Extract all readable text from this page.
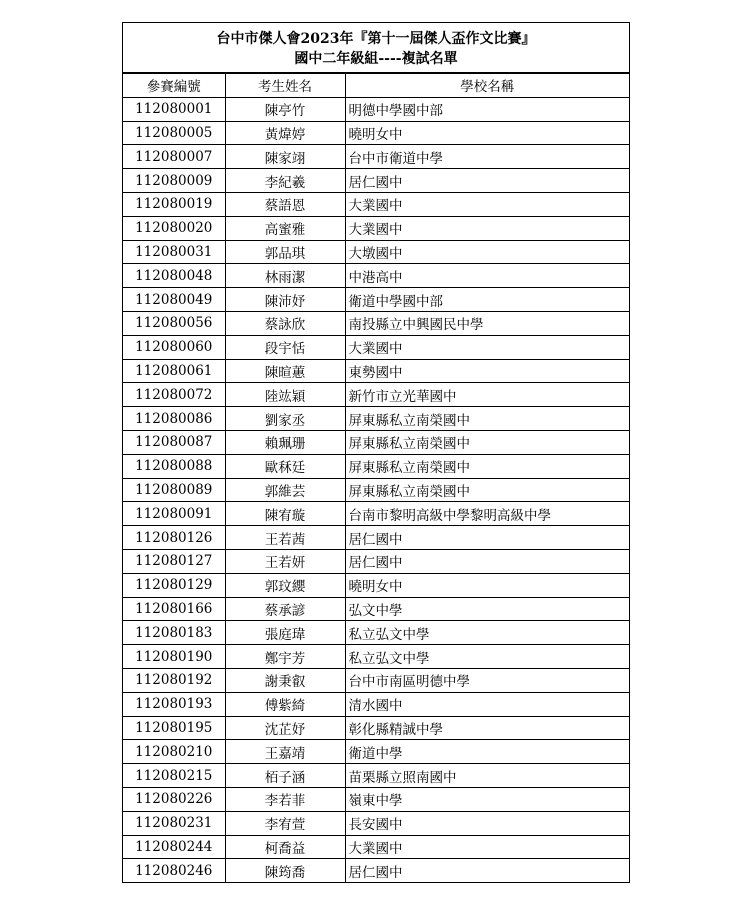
台中市傑人會2023年『第十一屆傑人盃作文比賽』
國中二年級組----複試名單
參賽編號	考生姓名	學校名稱
112080001	陳亭竹	明德中學國中部
112080005	黃煒婷	曉明女中
112080007	陳家翊	台中市衛道中學
112080009	李紀羲	居仁國中
112080019	蔡語恩	大業國中
112080020	高蜜雅	大業國中
112080031	郭品琪	大墩國中
112080048	林雨潔	中港高中
112080049	陳沛妤	衛道中學國中部
112080056	蔡詠欣	南投縣立中興國民中學
112080060	段宇恬	大業國中
112080061	陳暄蕙	東勢國中
112080072	陸竑穎	新竹市立光華國中
112080086	劉家丞	屏東縣私立南榮國中
112080087	賴珮珊	屏東縣私立南榮國中
112080088	歐秝廷	屏東縣私立南榮國中
112080089	郭維芸	屏東縣私立南榮國中
112080091	陳宥璇	台南市黎明高級中學黎明高級中學
112080126	王若茜	居仁國中
112080127	王若妍	居仁國中
112080129	郭玟纓	曉明女中
112080166	蔡承諺	弘文中學
112080183	張庭瑋	私立弘文中學
112080190	鄭宇芳	私立弘文中學
112080192	謝秉叡	台中市南區明德中學
112080193	傅紫綺	清水國中
112080195	沈芷妤	彰化縣精誠中學
112080210	王嘉靖	衛道中學
112080215	栢子涵	苗栗縣立照南國中
112080226	李若菲	嶺東中學
112080231	李宥萱	長安國中
112080244	柯喬益	大業國中
112080246	陳筠喬	居仁國中
